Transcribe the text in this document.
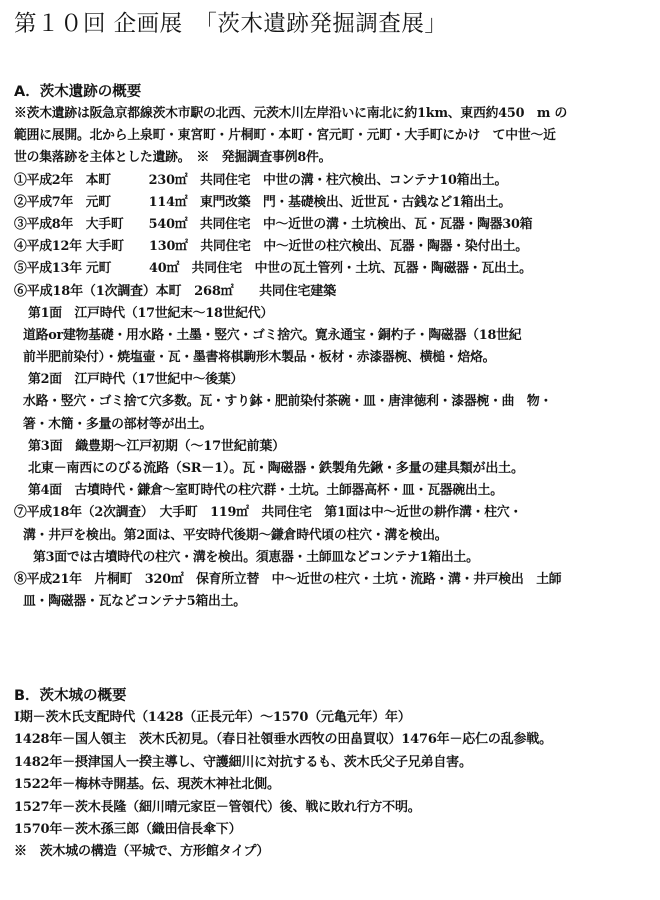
第１０回 企画展　「茨木遺跡発掘調査展」
A．茨木遺跡の概要
※茨木遺跡は阪急京都線茨木市駅の北西、元茨木川左岸沿いに南北に約1km、東西約450　m の
範囲に展開。北から上泉町・東宮町・片桐町・本町・宮元町・元町・大手町にかけ　て中世～近
世の集落跡を主体とした遺跡。　※　発掘調査事例8件。
①平成2年　本町　　　230㎡　共同住宅　中世の溝・柱穴検出、コンテナ10箱出土。
②平成7年　元町　　　114㎡　東門改築　門・基礎検出、近世瓦・古銭など1箱出土。
③平成8年　大手町　　540㎡　共同住宅　中～近世の溝・土坑検出、瓦・瓦器・陶器30箱
④平成12年 大手町　　130㎡　共同住宅　中～近世の柱穴検出、瓦器・陶器・染付出土。
⑤平成13年 元町　　　40㎡　共同住宅　中世の瓦土管列・土坑、瓦器・陶磁器・瓦出土。
⑥平成18年（1次調査）本町　268㎡　　共同住宅建築
第1面　江戸時代（17世紀末～18世紀代）
道路or建物基礎・用水路・土墨・竪穴・ゴミ捨穴。寛永通宝・銅杓子・陶磁器（18世紀
前半肥前染付）・焼塩壷・瓦・墨書将棋駒形木製品・板材・赤漆器椀、横槌・焙烙。
第2面　江戸時代（17世紀中～後葉）
水路・竪穴・ゴミ捨て穴多数。瓦・すり鉢・肥前染付茶碗・皿・唐津徳利・漆器椀・曲　物・
箸・木簡・多量の部材等が出土。
第3面　織豊期～江戸初期（～17世紀前葉）
北東－南西にのびる流路（SR－1）。瓦・陶磁器・鉄製角先鍬・多量の建具類が出土。
第4面　古墳時代・鎌倉～室町時代の柱穴群・土坑。土師器高杯・皿・瓦器碗出土。
⑦平成18年（2次調査）　大手町　119㎡　共同住宅　第1面は中～近世の耕作溝・柱穴・
溝・井戸を検出。第2面は、平安時代後期～鎌倉時代頃の柱穴・溝を検出。
第3面では古墳時代の柱穴・溝を検出。須恵器・土師皿などコンテナ1箱出土。
⑧平成21年　片桐町　320㎡　保育所立替　中～近世の柱穴・土坑・流路・溝・井戸検出　土師
皿・陶磁器・瓦などコンテナ5箱出土。
B．茨木城の概要
Ⅰ期－茨木氏支配時代（1428（正長元年）～1570（元亀元年）年）
1428年－国人領主　茨木氏初見。（春日社領垂水西牧の田畠買収）1476年－応仁の乱参戦。
1482年－摂津国人一揆主導し、守護細川に対抗するも、茨木氏父子兄弟自害。
1522年－梅林寺開基。伝、現茨木神社北側。
1527年－茨木長隆（細川晴元家臣－管領代）後、戦に敗れ行方不明。
1570年－茨木孫三郎（織田信長傘下）
※　茨木城の構造（平城で、方形館タイプ）
